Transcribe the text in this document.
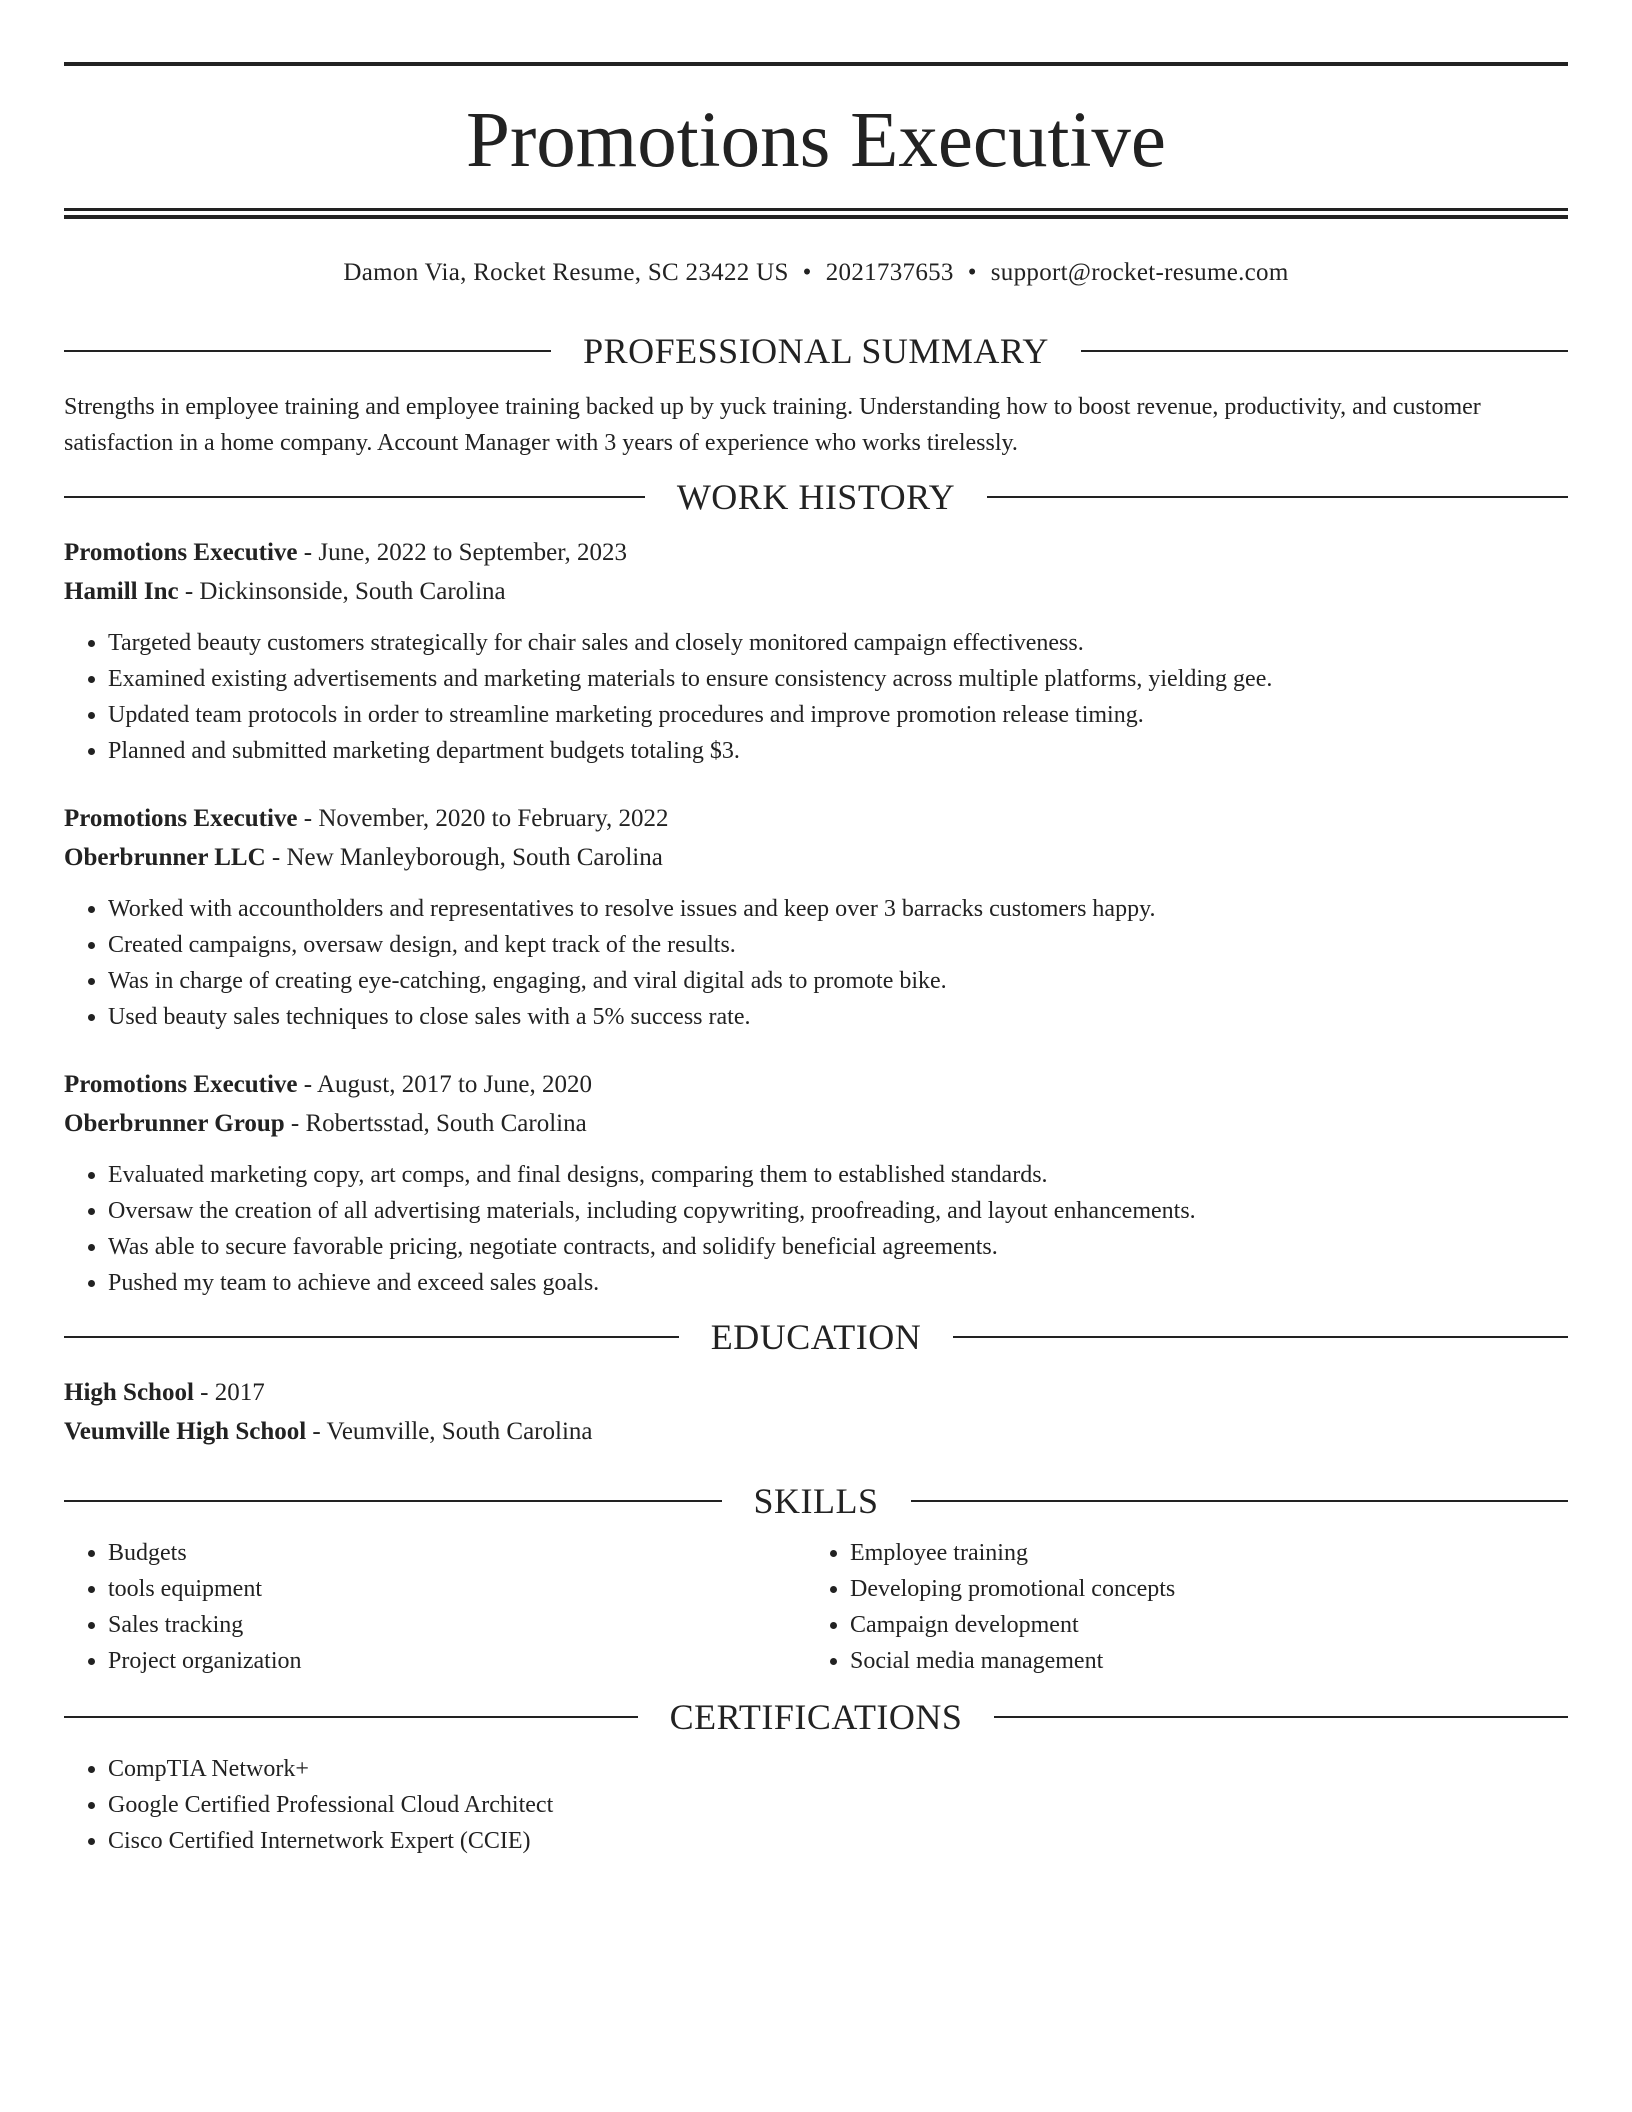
Promotions Executive
Damon Via, Rocket Resume, SC 23422 US • 2021737653 • support@rocket-resume.com
PROFESSIONAL SUMMARY
Strengths in employee training and employee training backed up by yuck training. Understanding how to boost revenue, productivity, and customer satisfaction in a home company. Account Manager with 3 years of experience who works tirelessly.
WORK HISTORY
Promotions Executive - June, 2022 to September, 2023
Hamill Inc - Dickinsonside, South Carolina
• Targeted beauty customers strategically for chair sales and closely monitored campaign effectiveness.
• Examined existing advertisements and marketing materials to ensure consistency across multiple platforms, yielding gee.
• Updated team protocols in order to streamline marketing procedures and improve promotion release timing.
• Planned and submitted marketing department budgets totaling $3.
Promotions Executive - November, 2020 to February, 2022
Oberbrunner LLC - New Manleyborough, South Carolina
• Worked with accountholders and representatives to resolve issues and keep over 3 barracks customers happy.
• Created campaigns, oversaw design, and kept track of the results.
• Was in charge of creating eye-catching, engaging, and viral digital ads to promote bike.
• Used beauty sales techniques to close sales with a 5% success rate.
Promotions Executive - August, 2017 to June, 2020
Oberbrunner Group - Robertsstad, South Carolina
• Evaluated marketing copy, art comps, and final designs, comparing them to established standards.
• Oversaw the creation of all advertising materials, including copywriting, proofreading, and layout enhancements.
• Was able to secure favorable pricing, negotiate contracts, and solidify beneficial agreements.
• Pushed my team to achieve and exceed sales goals.
EDUCATION
High School - 2017
Veumville High School - Veumville, South Carolina
SKILLS
• Budgets
• tools equipment
• Sales tracking
• Project organization
• Employee training
• Developing promotional concepts
• Campaign development
• Social media management
CERTIFICATIONS
• CompTIA Network+
• Google Certified Professional Cloud Architect
• Cisco Certified Internetwork Expert (CCIE)
